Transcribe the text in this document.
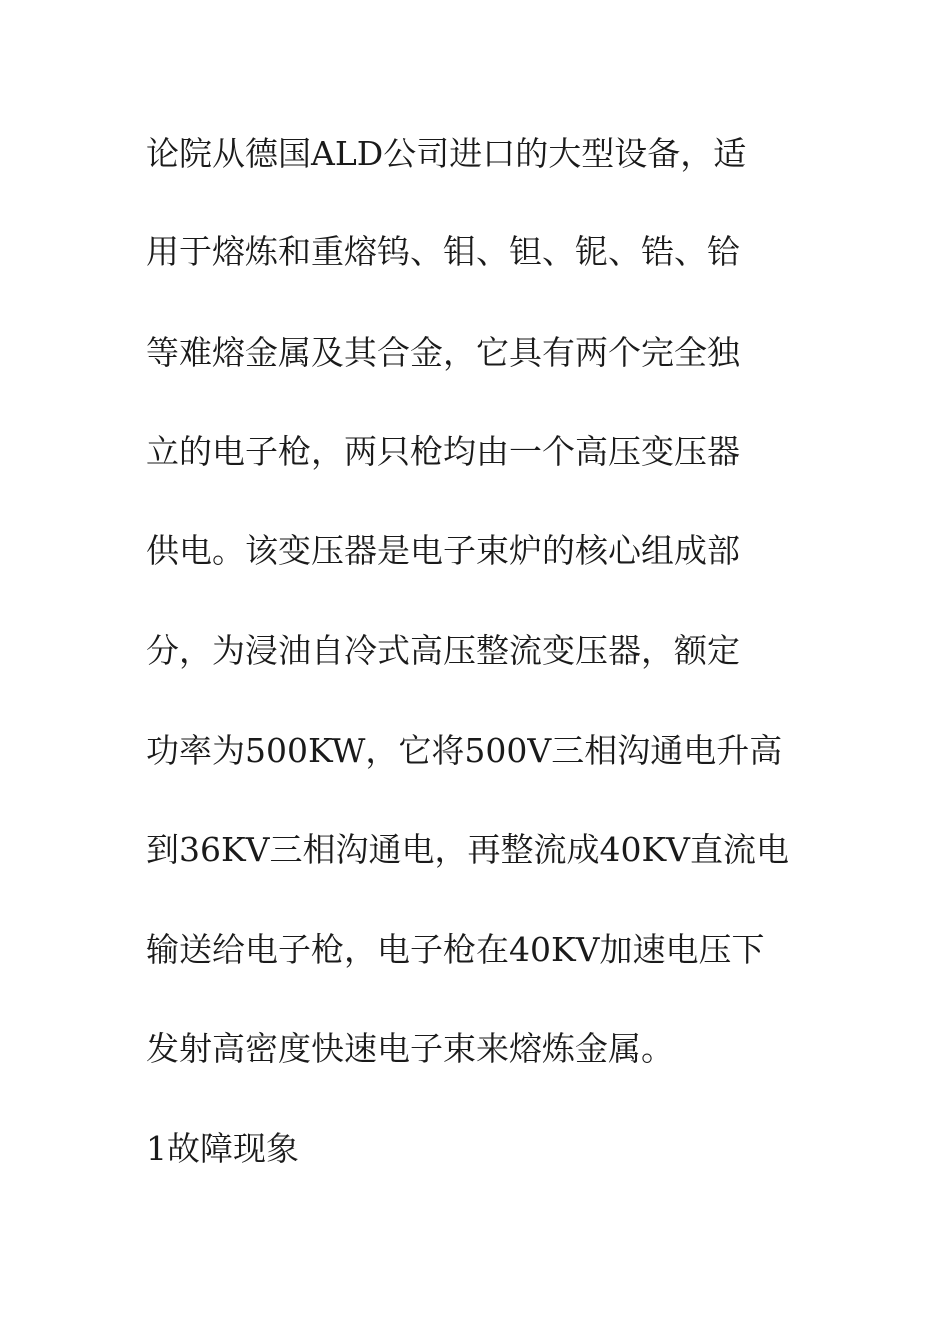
论院从德国ALD公司进口的大型设备，适
用于熔炼和重熔钨、钼、钽、铌、锆、铪
等难熔金属及其合金，它具有两个完全独
立的电子枪，两只枪均由一个高压变压器
供电。该变压器是电子束炉的核心组成部
分，为浸油自冷式高压整流变压器，额定
功率为500KW，它将500V三相沟通电升高
到36KV三相沟通电，再整流成40KV直流电
输送给电子枪，电子枪在40KV加速电压下
发射高密度快速电子束来熔炼金属。
1故障现象
